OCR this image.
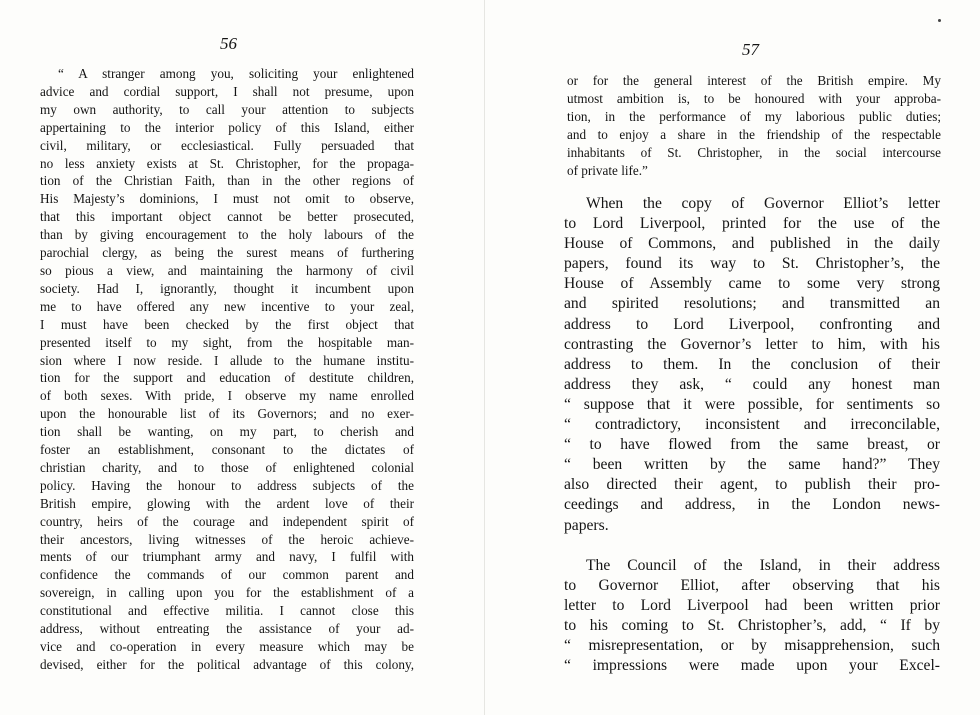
56

“ A stranger among you, soliciting your enlightened
advice and cordial support, I shall not presume, upon
my own authority, to call your attention to subjects
appertaining to the interior policy of this Island, either
civil, military, or ecclesiastical. Fully persuaded that
no less anxiety exists at St. Christopher, for the propaga-
tion of the Christian Faith, than in the other regions of
His Majesty’s dominions, I must not omit to observe,
that this important object cannot be better prosecuted,
than by giving encouragement to the holy labours of the
parochial clergy, as being the surest means of furthering
so pious a view, and maintaining the harmony of civil
society. Had I, ignorantly, thought it incumbent upon
me to have offered any new incentive to your zeal,
I must have been checked by the first object that
presented itself to my sight, from the hospitable man-
sion where I now reside. I allude to the humane institu-
tion for the support and education of destitute children,
of both sexes. With pride, I observe my name enrolled
upon the honourable list of its Governors; and no exer-
tion shall be wanting, on my part, to cherish and
foster an establishment, consonant to the dictates of
christian charity, and to those of enlightened colonial
policy. Having the honour to address subjects of the
British empire, glowing with the ardent love of their
country, heirs of the courage and independent spirit of
their ancestors, living witnesses of the heroic achieve-
ments of our triumphant army and navy, I fulfil with
confidence the commands of our common parent and
sovereign, in calling upon you for the establishment of a
constitutional and effective militia. I cannot close this
address, without entreating the assistance of your ad-
vice and co-operation in every measure which may be
devised, either for the political advantage of this colony,

57

or for the general interest of the British empire. My
utmost ambition is, to be honoured with your approba-
tion, in the performance of my laborious public duties;
and to enjoy a share in the friendship of the respectable
inhabitants of St. Christopher, in the social intercourse
of private life.”

When the copy of Governor Elliot’s letter
to Lord Liverpool, printed for the use of the
House of Commons, and published in the daily
papers, found its way to St. Christopher’s, the
House of Assembly came to some very strong
and spirited resolutions; and transmitted an
address to Lord Liverpool, confronting and
contrasting the Governor’s letter to him, with his
address to them. In the conclusion of their
address they ask, “ could any honest man
“ suppose that it were possible, for sentiments so
“ contradictory, inconsistent and irreconcilable,
“ to have flowed from the same breast, or
“ been written by the same hand?” They
also directed their agent, to publish their pro-
ceedings and address, in the London news-
papers.

The Council of the Island, in their address
to Governor Elliot, after observing that his
letter to Lord Liverpool had been written prior
to his coming to St. Christopher’s, add, “ If by
“ misrepresentation, or by misapprehension, such
“ impressions were made upon your Excel-
